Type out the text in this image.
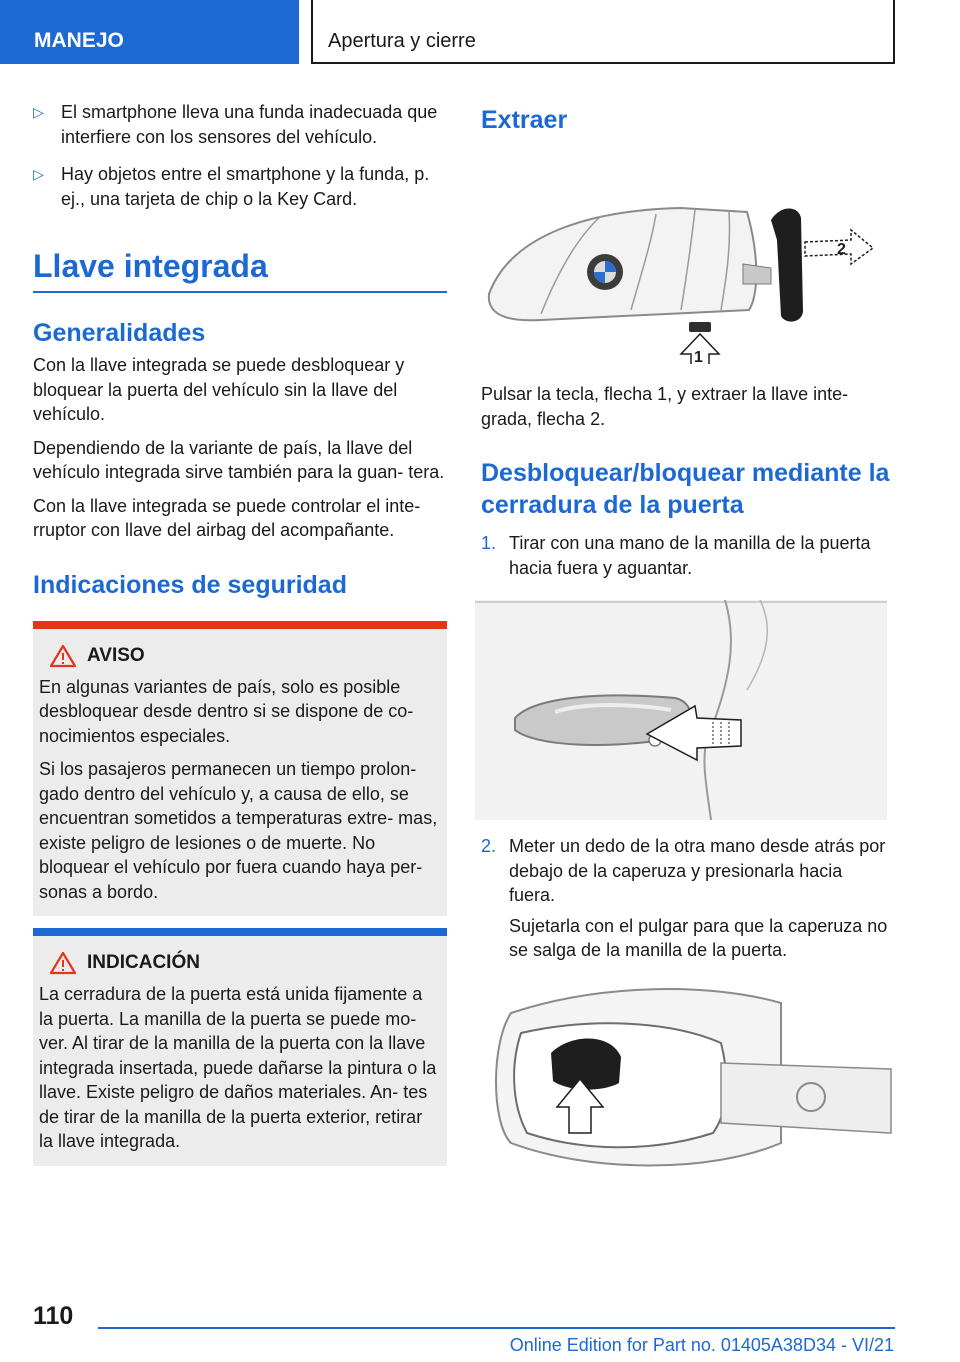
MANEJO	Apertura y cierre
▷ El smartphone lleva una funda inadecuada que interfiere con los sensores del vehículo.
▷ Hay objetos entre el smartphone y la funda, p. ej., una tarjeta de chip o la Key Card.
Llave integrada
Generalidades

Con la llave integrada se puede desbloquear y bloquear la puerta del vehículo sin la llave del vehículo.

Dependiendo de la variante de país, la llave del vehículo integrada sirve también para la guan‐ tera.

Con la llave integrada se puede controlar el inte‐ rruptor con llave del airbag del acompañante.

Indicaciones de seguridad
AVISO

En algunas variantes de país, solo es posible desbloquear desde dentro si se dispone de co‐ nocimientos especiales.

Si los pasajeros permanecen un tiempo prolon‐ gado dentro del vehículo y, a causa de ello, se encuentran sometidos a temperaturas extre‐ mas, existe peligro de lesiones o de muerte. No bloquear el vehículo por fuera cuando haya per‐ sonas a bordo.

INDICACIÓN

La cerradura de la puerta está unida fijamente a la puerta. La manilla de la puerta se puede mo‐ ver. Al tirar de la manilla de la puerta con la llave integrada insertada, puede dañarse la pintura o la llave. Existe peligro de daños materiales. An‐ tes de tirar de la manilla de la puerta exterior, retirar la llave integrada.

Extraer
2
1

Pulsar la tecla, flecha 1, y extraer la llave inte‐ grada, flecha 2.

Desbloquear/bloquear mediante la cerradura de la puerta
1. Tirar con una mano de la manilla de la puerta hacia fuera y aguantar.
2. Meter un dedo de la otra mano desde atrás por debajo de la caperuza y presionarla hacia fuera.

Sujetarla con el pulgar para que la caperuza no se salga de la manilla de la puerta.

110
Online Edition for Part no. 01405A38D34 - VI/21
